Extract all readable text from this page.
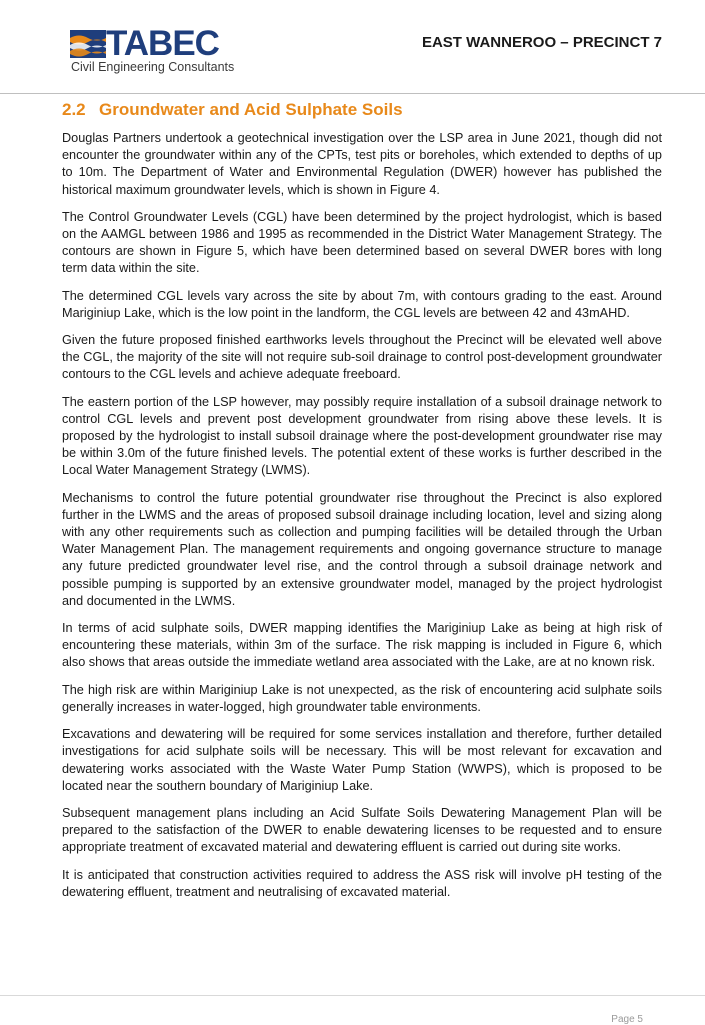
TABEC
Civil Engineering Consultants
EAST WANNEROO – PRECINCT 7
2.2 Groundwater and Acid Sulphate Soils

Douglas Partners undertook a geotechnical investigation over the LSP area in June 2021, though did not encounter the groundwater within any of the CPTs, test pits or boreholes, which extended to depths of up to 10m. The Department of Water and Environmental Regulation (DWER) however has published the historical maximum groundwater levels, which is shown in Figure 4.

The Control Groundwater Levels (CGL) have been determined by the project hydrologist, which is based on the AAMGL between 1986 and 1995 as recommended in the District Water Management Strategy. The contours are shown in Figure 5, which have been determined based on several DWER bores with long term data within the site.

The determined CGL levels vary across the site by about 7m, with contours grading to the east. Around Mariginiup Lake, which is the low point in the landform, the CGL levels are between 42 and 43mAHD.

Given the future proposed finished earthworks levels throughout the Precinct will be elevated well above the CGL, the majority of the site will not require sub-soil drainage to control post-development groundwater contours to the CGL levels and achieve adequate freeboard.

The eastern portion of the LSP however, may possibly require installation of a subsoil drainage network to control CGL levels and prevent post development groundwater from rising above these levels. It is proposed by the hydrologist to install subsoil drainage where the post-development groundwater rise may be within 3.0m of the future finished levels. The potential extent of these works is further described in the Local Water Management Strategy (LWMS).

Mechanisms to control the future potential groundwater rise throughout the Precinct is also explored further in the LWMS and the areas of proposed subsoil drainage including location, level and sizing along with any other requirements such as collection and pumping facilities will be detailed through the Urban Water Management Plan. The management requirements and ongoing governance structure to manage any future predicted groundwater level rise, and the control through a subsoil drainage network and possible pumping is supported by an extensive groundwater model, managed by the project hydrologist and documented in the LWMS.

In terms of acid sulphate soils, DWER mapping identifies the Mariginiup Lake as being at high risk of encountering these materials, within 3m of the surface. The risk mapping is included in Figure 6, which also shows that areas outside the immediate wetland area associated with the Lake, are at no known risk.

The high risk are within Mariginiup Lake is not unexpected, as the risk of encountering acid sulphate soils generally increases in water-logged, high groundwater table environments.

Excavations and dewatering will be required for some services installation and therefore, further detailed investigations for acid sulphate soils will be necessary. This will be most relevant for excavation and dewatering works associated with the Waste Water Pump Station (WWPS), which is proposed to be located near the southern boundary of Mariginiup Lake.

Subsequent management plans including an Acid Sulfate Soils Dewatering Management Plan will be prepared to the satisfaction of the DWER to enable dewatering licenses to be requested and to ensure appropriate treatment of excavated material and dewatering effluent is carried out during site works.

It is anticipated that construction activities required to address the ASS risk will involve pH testing of the dewatering effluent, treatment and neutralising of excavated material.

Page 5
